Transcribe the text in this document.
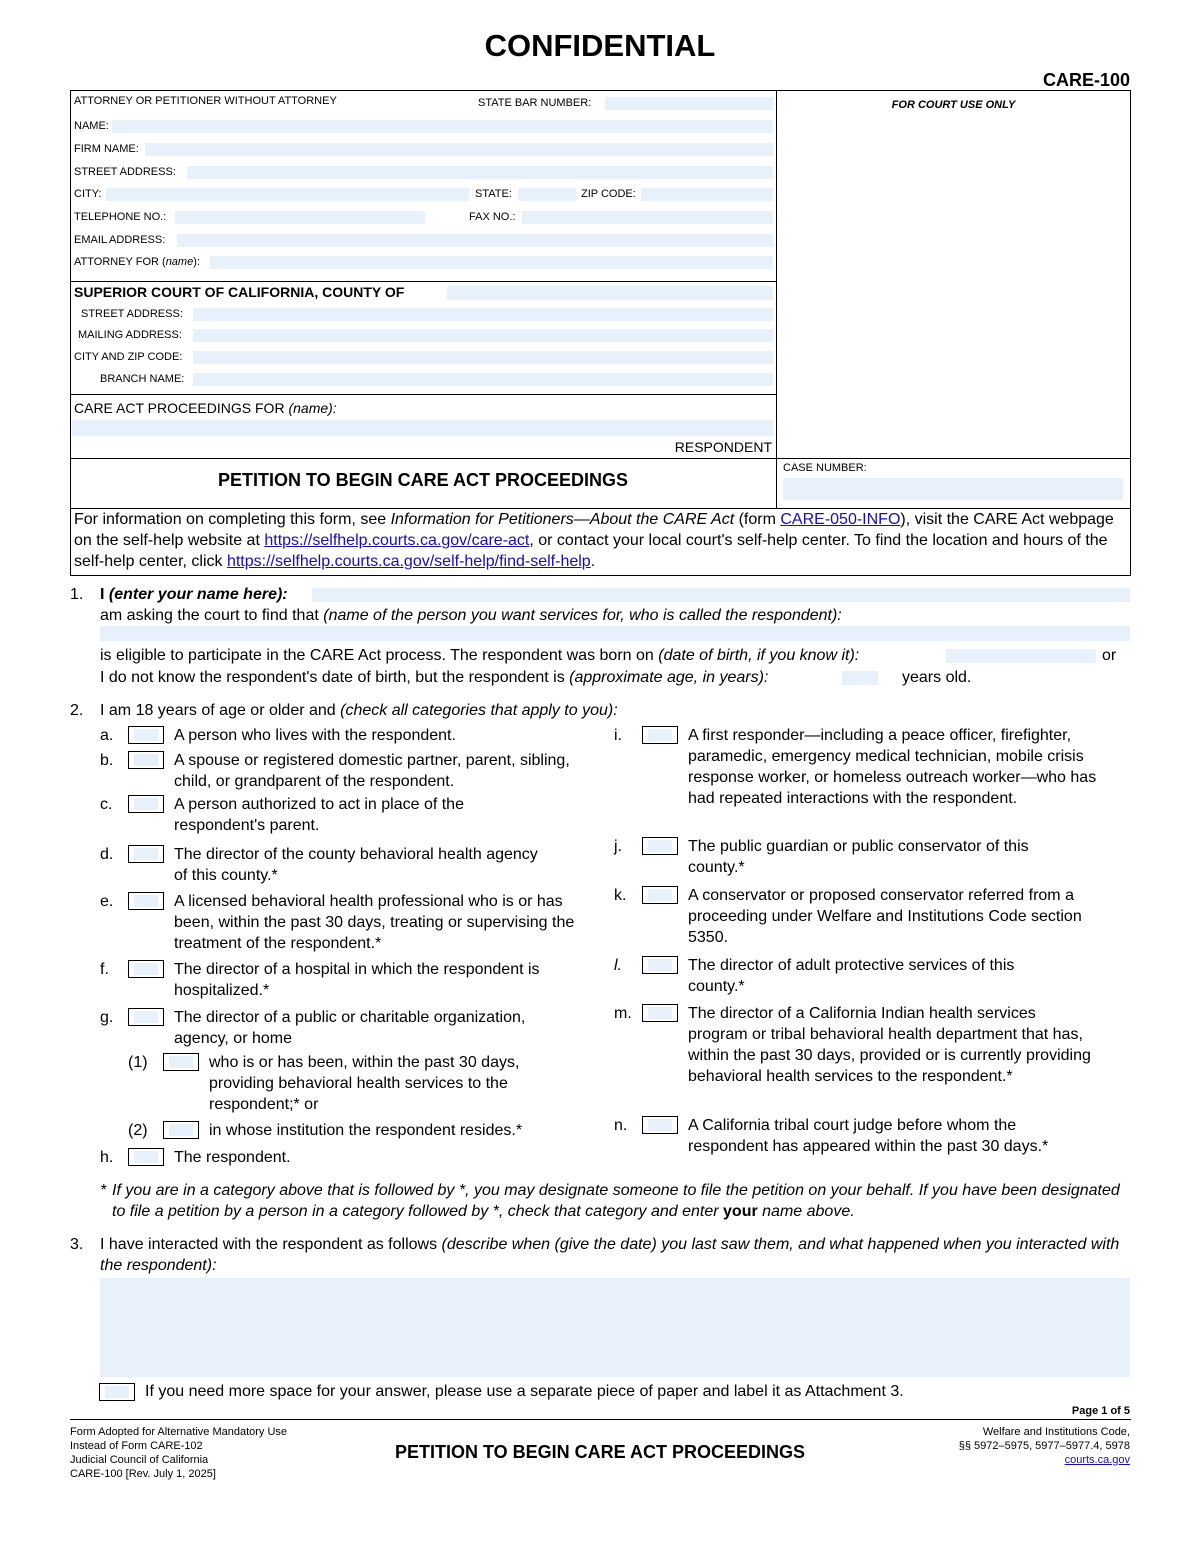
CONFIDENTIAL
CARE-100
ATTORNEY OR PETITIONER WITHOUT ATTORNEY	STATE BAR NUMBER:
NAME:
FIRM NAME:
STREET ADDRESS:
CITY:	STATE:	ZIP CODE:
TELEPHONE NO.:	FAX NO.:
EMAIL ADDRESS:
ATTORNEY FOR (name):
FOR COURT USE ONLY
SUPERIOR COURT OF CALIFORNIA, COUNTY OF
STREET ADDRESS:
MAILING ADDRESS:
CITY AND ZIP CODE:
BRANCH NAME:
CARE ACT PROCEEDINGS FOR (name):
RESPONDENT
PETITION TO BEGIN CARE ACT PROCEEDINGS
CASE NUMBER:
For information on completing this form, see Information for Petitioners—About the CARE Act (form CARE-050-INFO), visit the CARE Act webpage on the self-help website at https://selfhelp.courts.ca.gov/care-act, or contact your local court's self-help center. To find the location and hours of the self-help center, click https://selfhelp.courts.ca.gov/self-help/find-self-help.
1. I (enter your name here):
am asking the court to find that (name of the person you want services for, who is called the respondent):
is eligible to participate in the CARE Act process. The respondent was born on (date of birth, if you know it):	or
I do not know the respondent's date of birth, but the respondent is (approximate age, in years):	years old.
2. I am 18 years of age or older and (check all categories that apply to you):
a.	A person who lives with the respondent.
b.	A spouse or registered domestic partner, parent, sibling, child, or grandparent of the respondent.
c.	A person authorized to act in place of the respondent's parent.
d.	The director of the county behavioral health agency of this county.*
e.	A licensed behavioral health professional who is or has been, within the past 30 days, treating or supervising the treatment of the respondent.*
f.	The director of a hospital in which the respondent is hospitalized.*
g.	The director of a public or charitable organization, agency, or home
(1)	who is or has been, within the past 30 days, providing behavioral health services to the respondent;* or
(2)	in whose institution the respondent resides.*
h.	The respondent.
i.	A first responder—including a peace officer, firefighter, paramedic, emergency medical technician, mobile crisis response worker, or homeless outreach worker—who has had repeated interactions with the respondent.
j.	The public guardian or public conservator of this county.*
k.	A conservator or proposed conservator referred from a proceeding under Welfare and Institutions Code section 5350.
l.	The director of adult protective services of this county.*
m.	The director of a California Indian health services program or tribal behavioral health department that has, within the past 30 days, provided or is currently providing behavioral health services to the respondent.*
n.	A California tribal court judge before whom the respondent has appeared within the past 30 days.*
* If you are in a category above that is followed by *, you may designate someone to file the petition on your behalf. If you have been designated to file a petition by a person in a category followed by *, check that category and enter your name above.
3. I have interacted with the respondent as follows (describe when (give the date) you last saw them, and what happened when you interacted with the respondent):
If you need more space for your answer, please use a separate piece of paper and label it as Attachment 3.
Page 1 of 5
Form Adopted for Alternative Mandatory Use
Instead of Form CARE-102
Judicial Council of California
CARE-100 [Rev. July 1, 2025]
PETITION TO BEGIN CARE ACT PROCEEDINGS
Welfare and Institutions Code,
§§ 5972–5975, 5977–5977.4, 5978
courts.ca.gov
